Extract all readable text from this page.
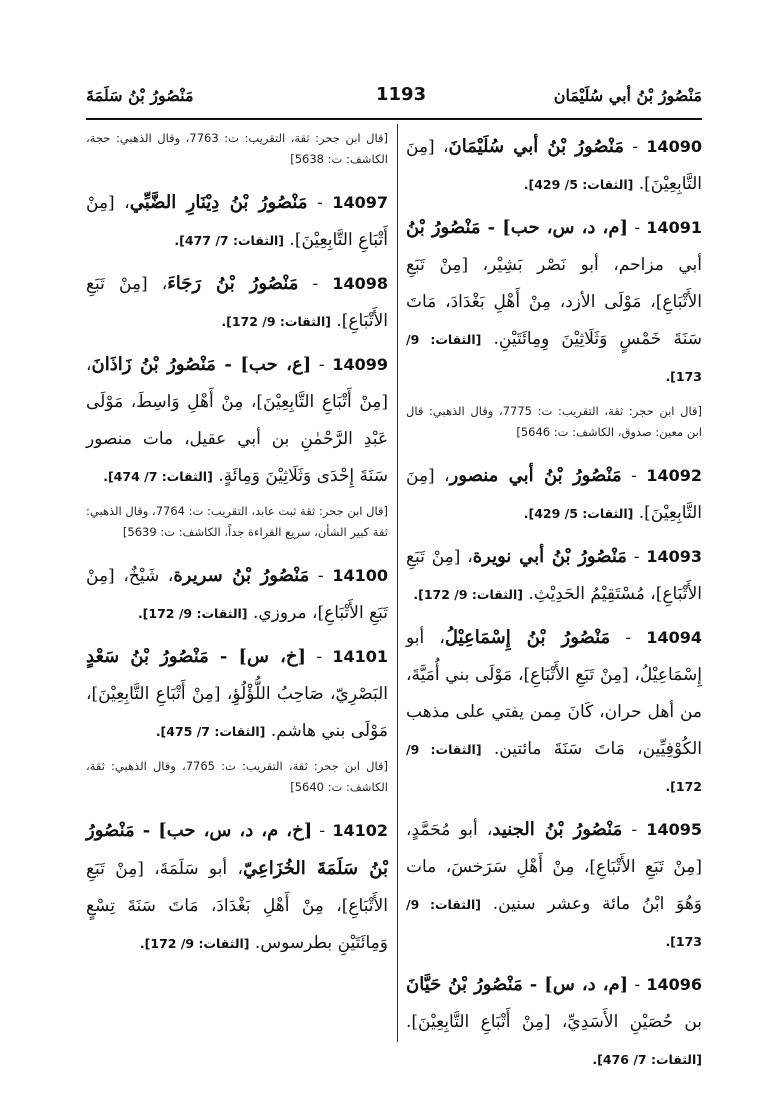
مَنْصُورُ بْنُ أبي سُلَيْمَان
1193
مَنْصُورُ بْنُ سَلَمَةَ

14090 - مَنْصُورُ بْنُ أبي سُلَيْمَانَ، [مِنَ التَّابِعِيْنَ]. [الثقات: 5/ 429].

14091 - [م، د، س، حب] - مَنْصُورُ بْنُ أبي مزاحم، أبو نَصْر بَشِيْر، [مِنْ تَبَعِ الأَتْبَاعِ]، مَوْلَى الأزد، مِنْ أَهْلِ بَغْدَادَ، مَاتَ سَنَةَ خَمْسٍ وَثَلَاثِيْنَ وِمِائَتَيْنِ. [الثقات: 9/ 173].

[قال ابن حجر: ثقة، التقريب: ت: 7775، وقال الذهبي: قال ابن معين: صدوق، الكاشف: ت: 5646]

14092 - مَنْصُورُ بْنُ أبي منصور، [مِنَ التَّابِعِيْنَ]. [الثقات: 5/ 429].

14093 - مَنْصُورُ بْنُ أبي نويرة، [مِنْ تَبَعِ الأَتْبَاعِ]، مُسْتَقِيْمُ الحَدِيْثِ. [الثقات: 9/ 172].

14094 - مَنْصُورُ بْنُ إِسْمَاعِيْلُ، أبو إِسْمَاعِيْلُ، [مِنْ تَبَعِ الأَتْبَاعِ]، مَوْلَى بني أُمَيَّةَ، من أهل حران، كَانَ مِمن يفتي على مذهب الكُوْفِيِّين، مَاتَ سَنَةَ مائتين. [الثقات: 9/ 172].

14095 - مَنْصُورُ بْنُ الجنيد، أبو مُحَمَّدٍ، [مِنْ تَبَعِ الأَتْبَاعِ]، مِنْ أَهْلِ سَرَخسَ، مات وَهُوَ ابْنُ مائة وعشر سنين. [الثقات: 9/ 173].

14096 - [م، د، س] - مَنْصُورُ بْنُ حَيَّانَ بن حُصَيْنِ الأَسَدِيِّ، [مِنْ أَتْبَاعِ التَّابِعِيْنَ]. [الثقات: 7/ 476].

[قال ابن جحر: ثقة، التقريب: ت: 7763، وقال الذهبي: حجة، الكاشف: ت: 5638]

14097 - مَنْصُورُ بْنُ دِيْنَارِ الضَّبِّي، [مِنْ أَتْبَاعِ التَّابِعِيْنَ]. [الثقات: 7/ 477].

14098 - مَنْصُورُ بْنُ رَجَاءَ، [مِنْ تَبَعِ الأَتْبَاعِ]. [الثقات: 9/ 172].

14099 - [ع، حب] - مَنْصُورُ بْنُ زَاذَانَ، [مِنْ أَتْبَاعِ التَّابِعِيْنَ]، مِنْ أَهْلِ وَاسِطَ، مَوْلَى عَبْدِ الرَّحْمٰنِ بن أبي عقيل، مات منصور سَنَةَ إِحْدَى وَثَلَاثِيْنَ وَمِائَةٍ. [الثقات: 7/ 474].

[قال ابن جحر: ثقة ثبت عابد، التقريب: ت: 7764، وقال الذهبي: ثقة كبير الشأن، سريع القراءة جداً، الكاشف: ت: 5639]

14100 - مَنْصُورُ بْنُ سريرة، شَيْخٌ، [مِنْ تَبَعِ الأَتْبَاعِ]، مروزي. [الثقات: 9/ 172].

14101 - [خ، س] - مَنْصُورُ بْنُ سَعْدٍ البَصْرِيّ، صَاحِبُ اللُّؤْلُؤِ، [مِنْ أَتْبَاعِ التَّابِعِيْنَ]، مَوْلَى بني هاشم. [الثقات: 7/ 475].

[قال ابن جحر: ثقة، التقريب: ت: 7765، وقال الذهبي: ثقة، الكاشف: ت: 5640]

14102 - [خ، م، د، س، حب] - مَنْصُورُ بْنُ سَلَمَةَ الخُزَاعِيّ، أبو سَلَمَةَ، [مِنْ تَبَعِ الأَتْبَاعِ]، مِنْ أَهْلِ بَغْدَادَ، مَاتَ سَنَةَ تِسْعٍ وَمِائَتَيْنِ بطرسوس. [الثقات: 9/ 172].
